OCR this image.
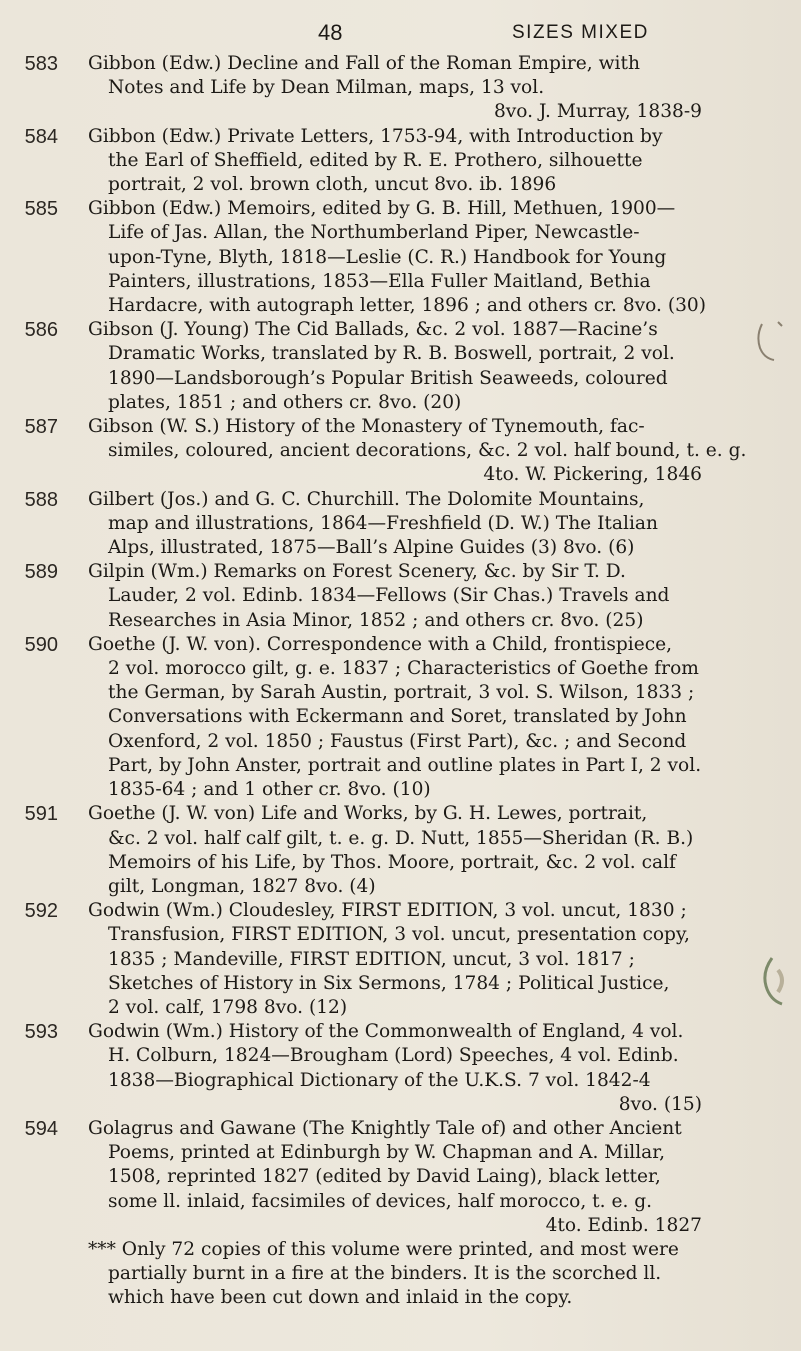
48	SIZES MIXED
583 Gibbon (Edw.) Decline and Fall of the Roman Empire, with
Notes and Life by Dean Milman, maps, 13 vol.
8vo. J. Murray, 1838-9
584 Gibbon (Edw.) Private Letters, 1753-94, with Introduction by
the Earl of Sheffield, edited by R. E. Prothero, silhouette
portrait, 2 vol. brown cloth, uncut 8vo. ib. 1896
585 Gibbon (Edw.) Memoirs, edited by G. B. Hill, Methuen, 1900—
Life of Jas. Allan, the Northumberland Piper, Newcastle-
upon-Tyne, Blyth, 1818—Leslie (C. R.) Handbook for Young
Painters, illustrations, 1853—Ella Fuller Maitland, Bethia
Hardacre, with autograph letter, 1896 ; and others cr. 8vo. (30)
586 Gibson (J. Young) The Cid Ballads, &c. 2 vol. 1887—Racine’s
Dramatic Works, translated by R. B. Boswell, portrait, 2 vol.
1890—Landsborough’s Popular British Seaweeds, coloured
plates, 1851 ; and others cr. 8vo. (20)
587 Gibson (W. S.) History of the Monastery of Tynemouth, fac-
similes, coloured, ancient decorations, &c. 2 vol. half bound, t. e. g.
4to. W. Pickering, 1846
588 Gilbert (Jos.) and G. C. Churchill. The Dolomite Mountains,
map and illustrations, 1864—Freshfield (D. W.) The Italian
Alps, illustrated, 1875—Ball’s Alpine Guides (3) 8vo. (6)
589 Gilpin (Wm.) Remarks on Forest Scenery, &c. by Sir T. D.
Lauder, 2 vol. Edinb. 1834—Fellows (Sir Chas.) Travels and
Researches in Asia Minor, 1852 ; and others cr. 8vo. (25)
590 Goethe (J. W. von). Correspondence with a Child, frontispiece,
2 vol. morocco gilt, g. e. 1837 ; Characteristics of Goethe from
the German, by Sarah Austin, portrait, 3 vol. S. Wilson, 1833 ;
Conversations with Eckermann and Soret, translated by John
Oxenford, 2 vol. 1850 ; Faustus (First Part), &c. ; and Second
Part, by John Anster, portrait and outline plates in Part I, 2 vol.
1835-64 ; and 1 other cr. 8vo. (10)
591 Goethe (J. W. von) Life and Works, by G. H. Lewes, portrait,
&c. 2 vol. half calf gilt, t. e. g. D. Nutt, 1855—Sheridan (R. B.)
Memoirs of his Life, by Thos. Moore, portrait, &c. 2 vol. calf
gilt, Longman, 1827 8vo. (4)
592 Godwin (Wm.) Cloudesley, FIRST EDITION, 3 vol. uncut, 1830 ;
Transfusion, FIRST EDITION, 3 vol. uncut, presentation copy,
1835 ; Mandeville, FIRST EDITION, uncut, 3 vol. 1817 ;
Sketches of History in Six Sermons, 1784 ; Political Justice,
2 vol. calf, 1798 8vo. (12)
593 Godwin (Wm.) History of the Commonwealth of England, 4 vol.
H. Colburn, 1824—Brougham (Lord) Speeches, 4 vol. Edinb.
1838—Biographical Dictionary of the U.K.S. 7 vol. 1842-4
8vo. (15)
594 Golagrus and Gawane (The Knightly Tale of) and other Ancient
Poems, printed at Edinburgh by W. Chapman and A. Millar,
1508, reprinted 1827 (edited by David Laing), black letter,
some ll. inlaid, facsimiles of devices, half morocco, t. e. g.
4to. Edinb. 1827
*** Only 72 copies of this volume were printed, and most were
partially burnt in a fire at the binders. It is the scorched ll.
which have been cut down and inlaid in the copy.
